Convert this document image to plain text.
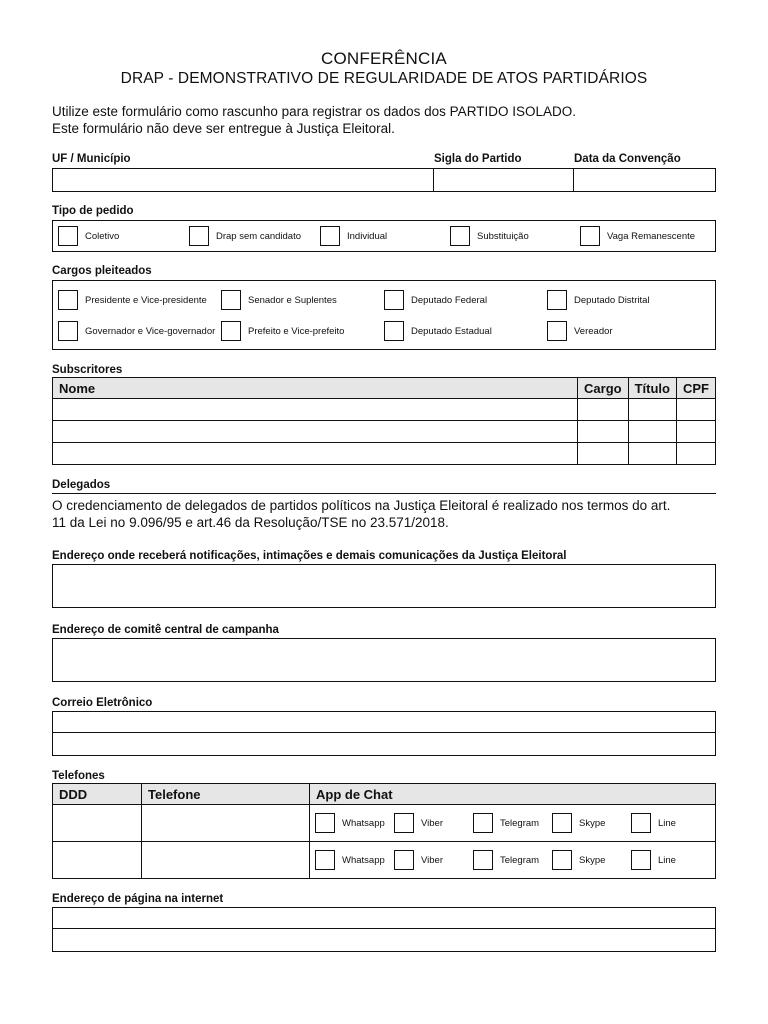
CONFERÊNCIA
DRAP - DEMONSTRATIVO DE REGULARIDADE DE ATOS PARTIDÁRIOS
Utilize este formulário como rascunho para registrar os dados dos PARTIDO ISOLADO.
Este formulário não deve ser entregue à Justiça Eleitoral.
UF / Município	Sigla do Partido	Data da Convenção
Tipo de pedido
Coletivo	Drap sem candidato	Individual	Substituição	Vaga Remanescente
Cargos pleiteados
Presidente e Vice-presidente	Senador e Suplentes	Deputado Federal	Deputado Distrital
Governador e Vice-governador	Prefeito e Vice-prefeito	Deputado Estadual	Vereador
Subscritores
Nome	Cargo	Título	CPF

Delegados
O credenciamento de delegados de partidos políticos na Justiça Eleitoral é realizado nos termos do art.
11 da Lei no 9.096/95 e art.46 da Resolução/TSE no 23.571/2018.
Endereço onde receberá notificações, intimações e demais comunicações da Justiça Eleitoral
Endereço de comitê central de campanha
Correio Eletrônico
Telefones
DDD	Telefone	App de Chat

		Whatsapp Viber Telegram Skype Line

		Whatsapp Viber Telegram Skype Line
Endereço de página na internet
